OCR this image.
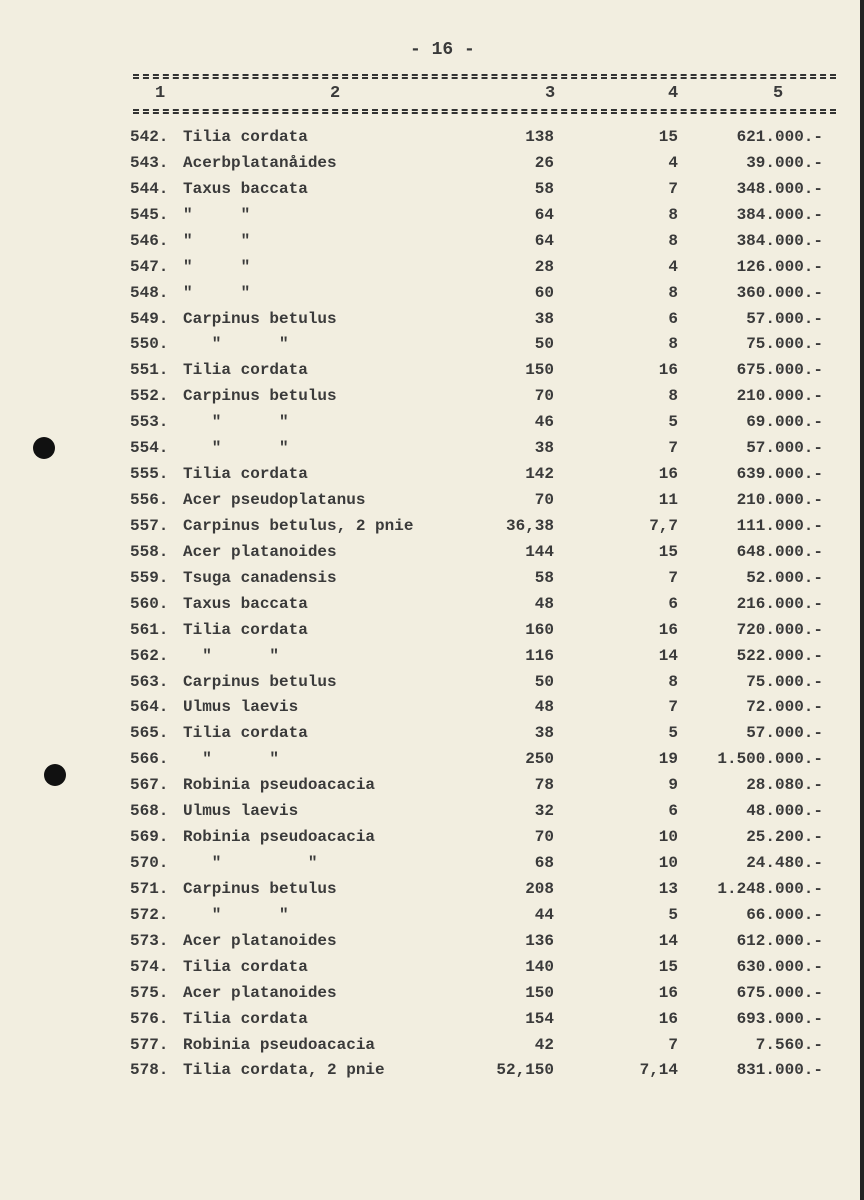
- 16 -
1	2	3	4	5
542. Tilia cordata	138	15	621.000.-
543. Acerbplatanåides	26	4	39.000.-
544. Taxus baccata	58	7	348.000.-
545. "     "	64	8	384.000.-
546. "     "	64	8	384.000.-
547. "     "	28	4	126.000.-
548. "     "	60	8	360.000.-
549. Carpinus betulus	38	6	57.000.-
550. "      "	50	8	75.000.-
551. Tilia cordata	150	16	675.000.-
552. Carpinus betulus	70	8	210.000.-
553. "      "	46	5	69.000.-
554. "      "	38	7	57.000.-
555. Tilia cordata	142	16	639.000.-
556. Acer pseudoplatanus	70	11	210.000.-
557. Carpinus betulus, 2 pnie	36,38	7,7	111.000.-
558. Acer platanoides	144	15	648.000.-
559. Tsuga canadensis	58	7	52.000.-
560. Taxus baccata	48	6	216.000.-
561. Tilia cordata	160	16	720.000.-
562. "      "	116	14	522.000.-
563. Carpinus betulus	50	8	75.000.-
564. Ulmus laevis	48	7	72.000.-
565. Tilia cordata	38	5	57.000.-
566. "      "	250	19 1.500.000.-
567. Robinia pseudoacacia	78	9	28.080.-
568. Ulmus laevis	32	6	48.000.-
569. Robinia pseudoacacia	70	10	25.200.-
570. "         "	68	10	24.480.-
571. Carpinus betulus	208	13 1.248.000.-
572. "      "	44	5	66.000.-
573. Acer platanoides	136	14	612.000.-
574. Tilia cordata	140	15	630.000.-
575. Acer platanoides	150	16	675.000.-
576. Tilia cordata	154	16	693.000.-
577. Robinia pseudoacacia	42	7	7.560.-
578. Tilia cordata, 2 pnie	52,150	7,14	831.000.-
